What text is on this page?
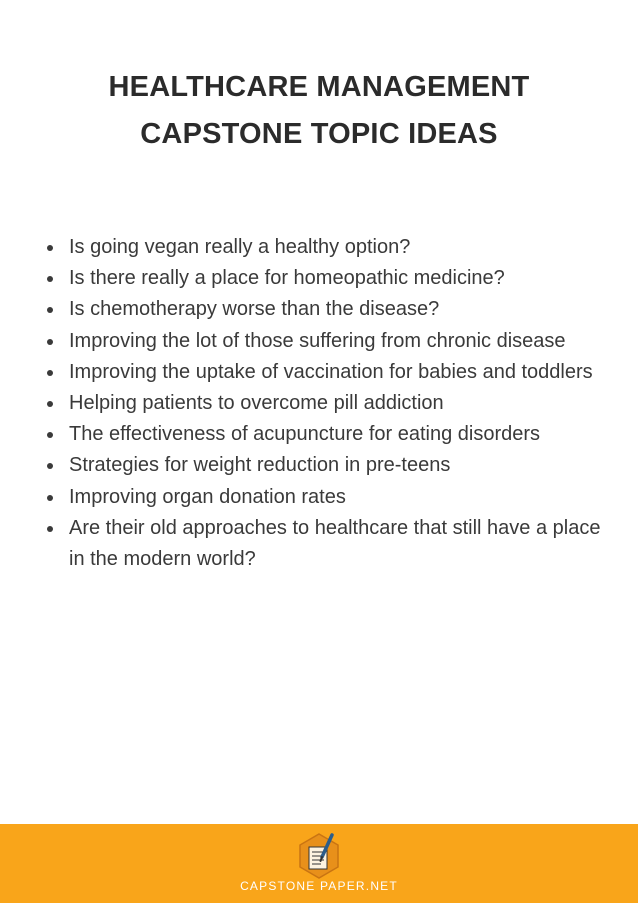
HEALTHCARE MANAGEMENT
CAPSTONE TOPIC IDEAS
Is going vegan really a healthy option?
Is there really a place for homeopathic medicine?
Is chemotherapy worse than the disease?
Improving the lot of those suffering from chronic disease
Improving the uptake of vaccination for babies and toddlers
Helping patients to overcome pill addiction
The effectiveness of acupuncture for eating disorders
Strategies for weight reduction in pre-teens
Improving organ donation rates
Are their old approaches to healthcare that still have a place in the modern world?
CAPSTONE PAPER.NET
